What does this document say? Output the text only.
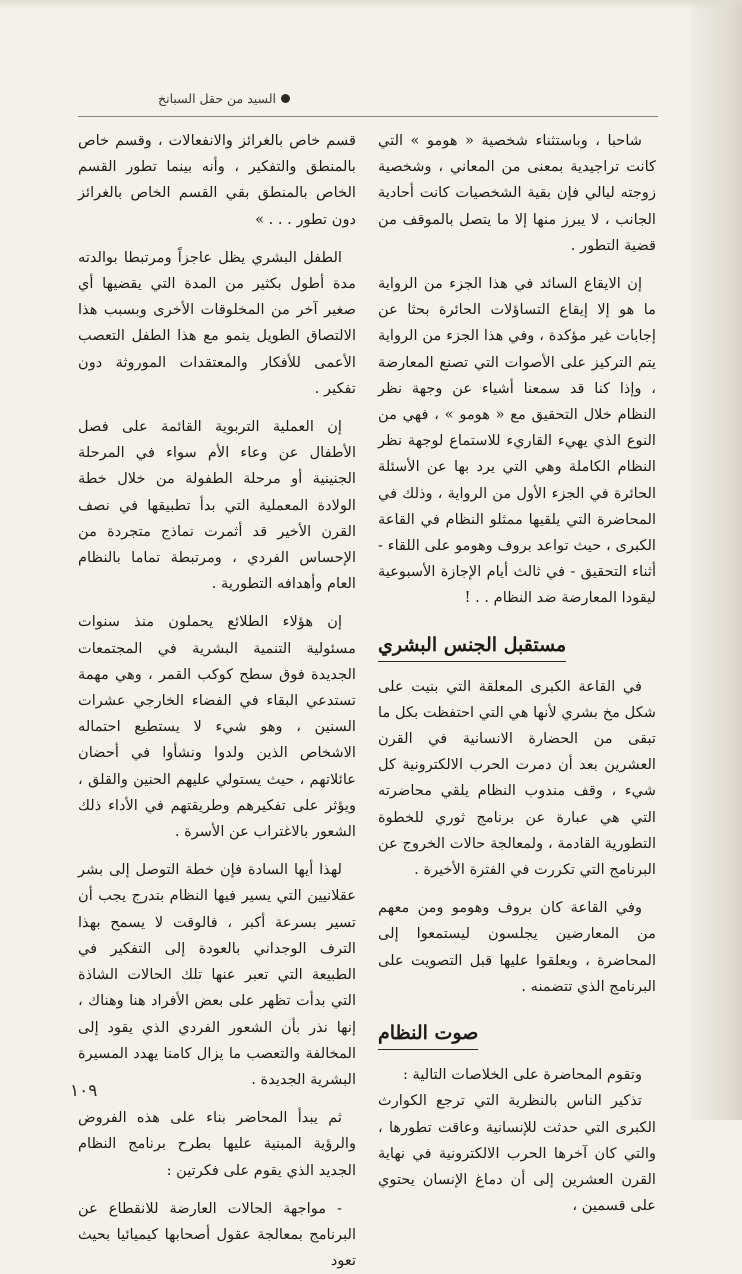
السيد من حقل السبانخ

شاحبا ، وباستثناء شخصية « هومو » التي كانت تراجيدية بمعنى من المعاني ، وشخصية زوجته ليالي فإن بقية الشخصيات كانت أحادية الجانب ، لا يبرز منها إلا ما يتصل بالموقف من قضية التطور .

إن الايقاع السائد في هذا الجزء من الرواية ما هو إلا إيقاع التساؤلات الحائرة بحثا عن إجابات غير مؤكدة ، وفي هذا الجزء من الرواية يتم التركيز على الأصوات التي تصنع المعارضة ، وإذا كنا قد سمعنا أشياء عن وجهة نظر النظام خلال التحقيق مع « هومو » ، فهي من النوع الذي يهيء القاريء للاستماع لوجهة نظر النظام الكاملة وهي التي يرد بها عن الأسئلة الحائرة في الجزء الأول من الرواية ، وذلك في المحاضرة التي يلقيها ممثلو النظام في القاعة الكبرى ، حيث تواعد بروف وهومو على اللقاء - أثناء التحقيق - في ثالث أيام الإجازة الأسبوعية ليقودا المعارضة ضد النظام . . !

مستقبل الجنس البشري

في القاعة الكبرى المعلقة التي بنيت على شكل مخ بشري لأنها هي التي احتفظت بكل ما تبقى من الحضارة الانسانية في القرن العشرين بعد أن دمرت الحرب الالكترونية كل شيء ، وقف مندوب النظام يلقي محاضرته التي هي عبارة عن برنامج ثوري للخطوة التطورية القادمة ، ولمعالجة حالات الخروج عن البرنامج التي تكررت في الفترة الأخيرة .

وفي القاعة كان بروف وهومو ومن معهم من المعارضين يجلسون ليستمعوا إلى المحاضرة ، ويعلقوا عليها قبل التصويت على البرنامج الذي تتضمنه .

صوت النظام

وتقوم المحاضرة على الخلاصات التالية :

تذكير الناس بالنظرية التي ترجع الكوارث الكبرى التي حدثت للإنسانية وعاقت تطورها ، والتي كان آخرها الحرب الالكترونية في نهاية القرن العشرين إلى أن دماغ الإنسان يحتوي على قسمين ،

قسم خاص بالغرائز والانفعالات ، وقسم خاص بالمنطق والتفكير ، وأنه بينما تطور القسم الخاص بالمنطق بقي القسم الخاص بالغرائز دون تطور . . . »

الطفل البشري يظل عاجزاً ومرتبطا بوالدته مدة أطول بكثير من المدة التي يقضيها أي صغير آخر من المخلوقات الأخرى وبسبب هذا الالتصاق الطويل ينمو مع هذا الطفل التعصب الأعمى للأفكار والمعتقدات الموروثة دون تفكير .

إن العملية التربوية القائمة على فصل الأطفال عن وعاء الأم سواء في المرحلة الجنينية أو مرحلة الطفولة من خلال خطة الولادة المعملية التي بدأ تطبيقها في نصف القرن الأخير قد أثمرت نماذج متجردة من الإحساس الفردي ، ومرتبطة تماما بالنظام العام وأهدافه التطورية .

إن هؤلاء الطلائع يحملون منذ سنوات مسئولية التنمية البشرية في المجتمعات الجديدة فوق سطح كوكب القمر ، وهي مهمة تستدعي البقاء في الفضاء الخارجي عشرات السنين ، وهو شيء لا يستطيع احتماله الاشخاص الذين ولدوا ونشأوا في أحضان عائلاتهم ، حيث يستولي عليهم الحنين والقلق ، ويؤثر على تفكيرهم وطريقتهم في الأداء ذلك الشعور بالاغتراب عن الأسرة .

لهذا أيها السادة فإن خطة التوصل إلى بشر عقلانيين التي يسير فيها النظام بتدرج يجب أن تسير بسرعة أكبر ، فالوقت لا يسمح بهذا الترف الوجداني بالعودة إلى التفكير في الطبيعة التي تعبر عنها تلك الحالات الشاذة التي بدأت تظهر على بعض الأفراد هنا وهناك ، إنها نذر بأن الشعور الفردي الذي يقود إلى المخالفة والتعصب ما يزال كامنا يهدد المسيرة البشرية الجديدة .

ثم يبدأ المحاضر بناء على هذه الفروض والرؤية المبنية عليها بطرح برنامج النظام الجديد الذي يقوم على فكرتين :

- مواجهة الحالات العارضة للانقطاع عن البرنامج بمعالجة عقول أصحابها كيميائيا بحيث تعود

١٠٩
